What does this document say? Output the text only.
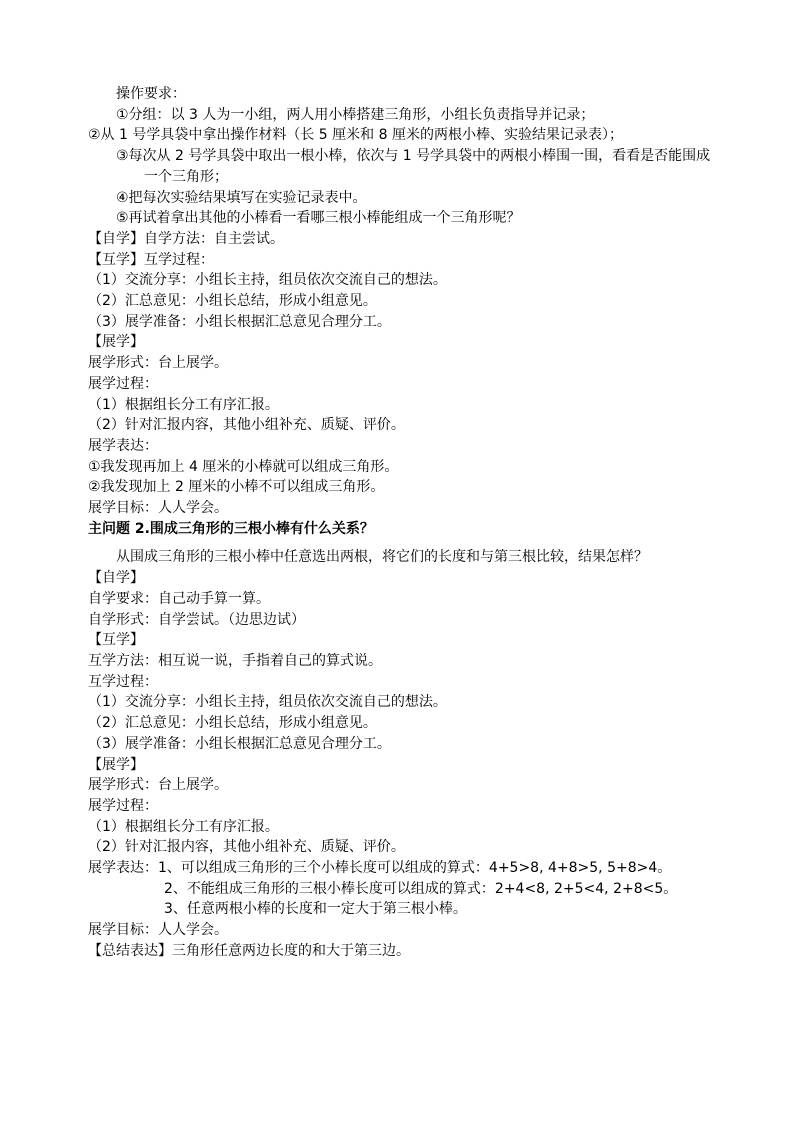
操作要求：
①分组：以 3 人为一小组，两人用小棒搭建三角形，小组长负责指导并记录；
②从 1 号学具袋中拿出操作材料（长 5 厘米和 8 厘米的两根小棒、实验结果记录表）；
③每次从 2 号学具袋中取出一根小棒，依次与 1 号学具袋中的两根小棒围一围，看看是否能围成一个三角形；
④把每次实验结果填写在实验记录表中。
⑤再试着拿出其他的小棒看一看哪三根小棒能组成一个三角形呢？
【自学】自学方法：自主尝试。
【互学】互学过程：
（1）交流分享：小组长主持，组员依次交流自己的想法。
（2）汇总意见：小组长总结，形成小组意见。
（3）展学准备：小组长根据汇总意见合理分工。
【展学】
展学形式：台上展学。
展学过程：
（1）根据组长分工有序汇报。
（2）针对汇报内容，其他小组补充、质疑、评价。
展学表达：
①我发现再加上 4 厘米的小棒就可以组成三角形。
②我发现加上 2 厘米的小棒不可以组成三角形。
展学目标：人人学会。
主问题 2.围成三角形的三根小棒有什么关系？
从围成三角形的三根小棒中任意选出两根，将它们的长度和与第三根比较，结果怎样？
【自学】
自学要求：自己动手算一算。
自学形式：自学尝试。（边思边试）
【互学】
互学方法：相互说一说，手指着自己的算式说。
互学过程：
（1）交流分享：小组长主持，组员依次交流自己的想法。
（2）汇总意见：小组长总结，形成小组意见。
（3）展学准备：小组长根据汇总意见合理分工。
【展学】
展学形式：台上展学。
展学过程：
（1）根据组长分工有序汇报。
（2）针对汇报内容，其他小组补充、质疑、评价。
展学表达：1、可以组成三角形的三个小棒长度可以组成的算式：4+5>8, 4+8>5, 5+8>4。
2、不能组成三角形的三根小棒长度可以组成的算式：2+4<8, 2+5<4, 2+8<5。
3、任意两根小棒的长度和一定大于第三根小棒。
展学目标：人人学会。
【总结表达】三角形任意两边长度的和大于第三边。
